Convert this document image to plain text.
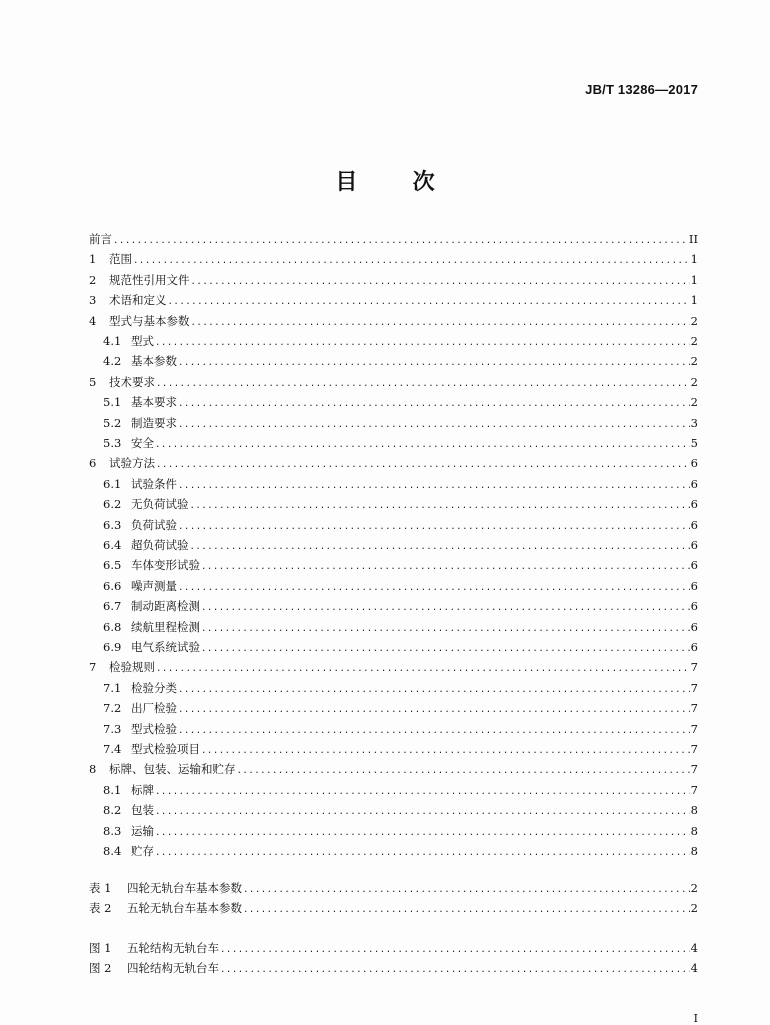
JB/T 13286—2017
目	次
前言 .....	II
1	范围 .....	1
2	规范性引用文件 .....	1
3	术语和定义 .....	1
4	型式与基本参数 .....	2
4.1 型式 .....	2
4.2 基本参数 .....	2
5	技术要求 .....	2
5.1 基本要求 .....	2
5.2 制造要求 .....	3
5.3 安全 .....	5
6	试验方法 .....	6
6.1 试验条件 .....	6
6.2 无负荷试验 .....	6
6.3 负荷试验 .....	6
6.4 超负荷试验 .....	6
6.5 车体变形试验 .....	6
6.6 噪声测量 .....	6
6.7 制动距离检测 .....	6
6.8 续航里程检测 .....	6
6.9 电气系统试验 .....	6
7	检验规则 .....	7
7.1 检验分类 .....	7
7.2 出厂检验 .....	7
7.3 型式检验 .....	7
7.4 型式检验项目 .....	7
8	标牌、包装、运输和贮存 .....	7
8.1 标牌 .....	7
8.2 包装 .....	8
8.3 运输 .....	8
8.4 贮存 .....	8
表 1	四轮无轨台车基本参数 .....	2
表 2	五轮无轨台车基本参数 .....	2
图 1	五轮结构无轨台车 .....	4
图 2	四轮结构无轨台车 .....	4
I
